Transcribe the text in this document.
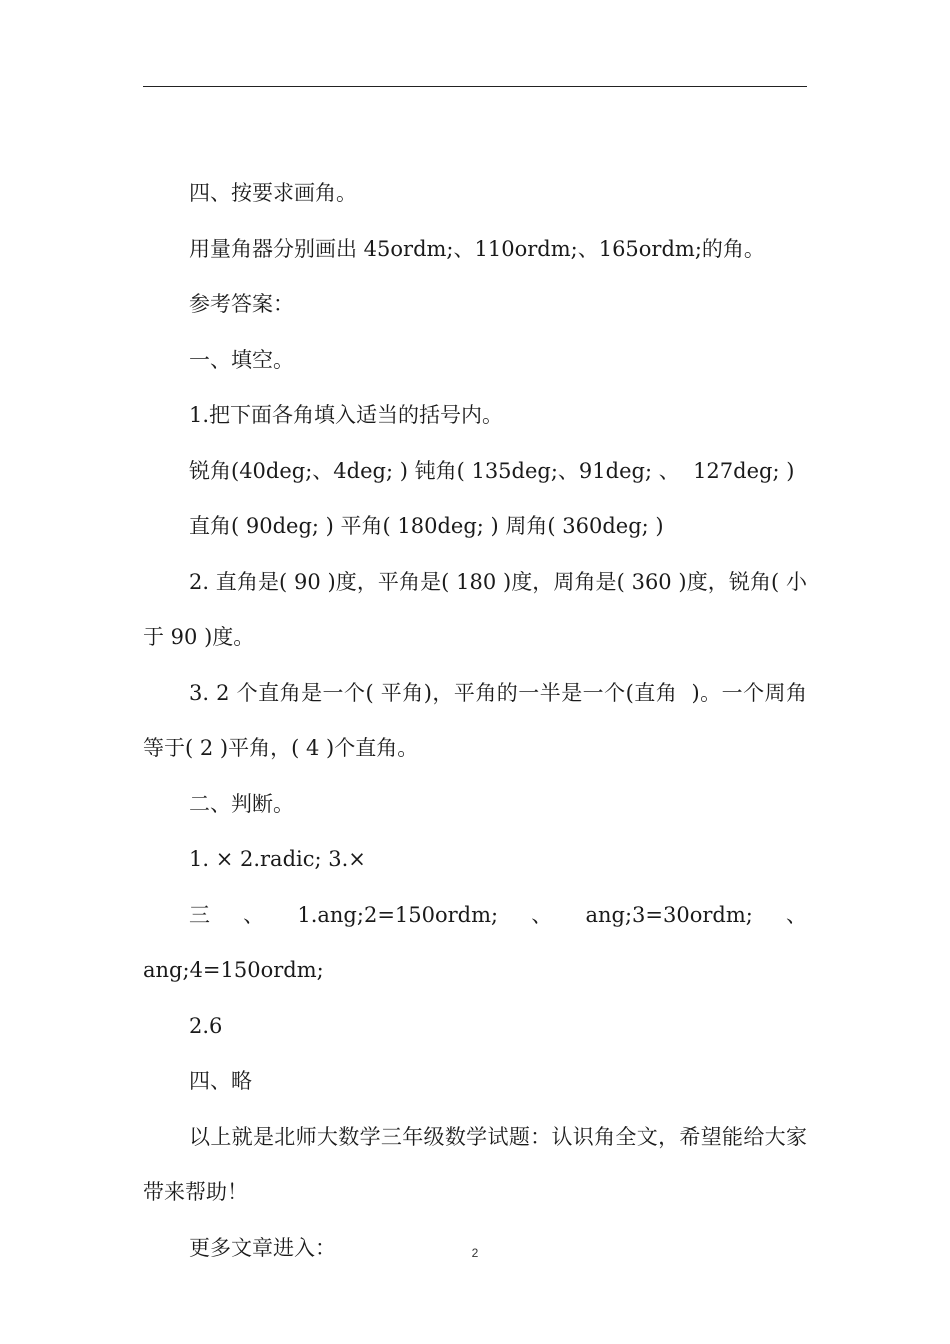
四、按要求画角。

用量角器分别画出 45ordm;、110ordm;、165ordm;的角。

参考答案：

一、填空。

1.把下面各角填入适当的括号内。

锐角(40deg;、4deg; ) 钝角( 135deg;、91deg; 、  127deg; )

直角( 90deg; ) 平角( 180deg; ) 周角( 360deg; )

2. 直角是( 90 )度，平角是( 180 )度，周角是( 360 )度，锐角( 小于 90 )度。

3. 2 个直角是一个( 平角)，平角的一半是一个(直角  )。一个周角等于( 2 )平角，( 4 )个直角。

二、判断。

1. × 2.radic; 3.×

三、1.ang;2=150ordm;、ang;3=30ordm;、ang;4=150ordm;

2.6

四、略

以上就是北师大数学三年级数学试题：认识角全文，希望能给大家带来帮助！

更多文章进入：	2
